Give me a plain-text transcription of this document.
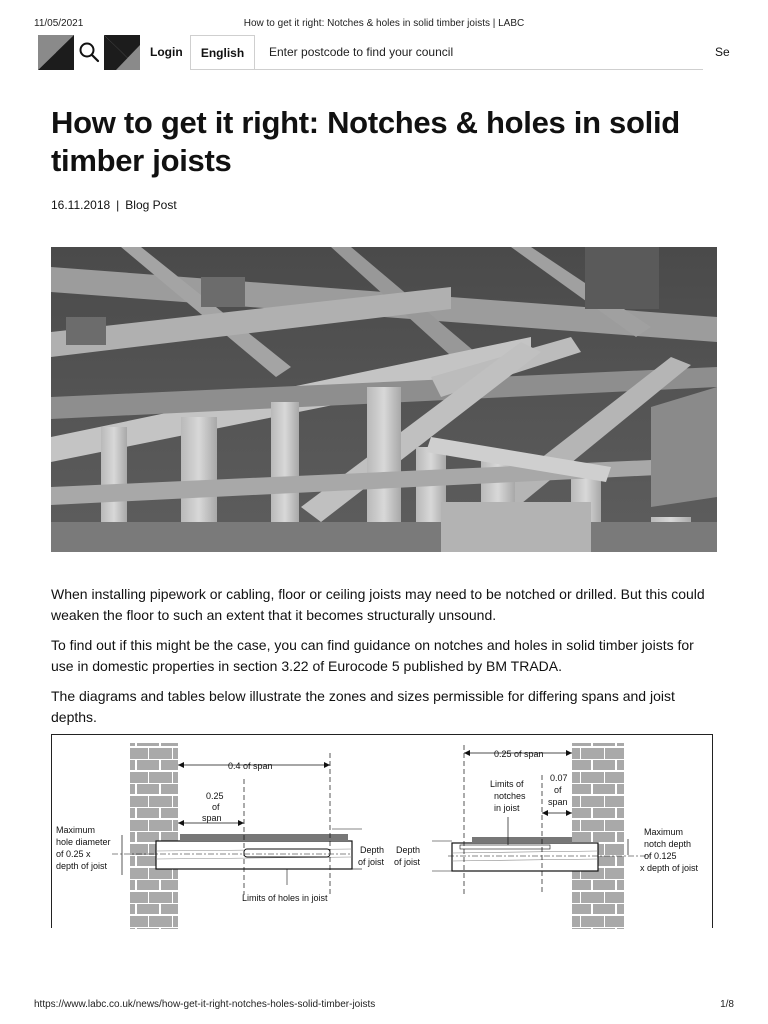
11/05/2021	How to get it right: Notches & holes in solid timber joists | LABC
Login English
Enter postcode to find your council	Se
How to get it right: Notches & holes in solid timber joists
16.11.2018 | Blog Post

When installing pipework or cabling, floor or ceiling joists may need to be notched or drilled. But this could weaken the floor to such an extent that it becomes structurally unsound.

To find out if this might be the case, you can find guidance on notches and holes in solid timber joists for use in domestic properties in section 3.22 of Eurocode 5 published by BM TRADA.

The diagrams and tables below illustrate the zones and sizes permissible for differing spans and joist depths.

0.4 of span
0.25
of
span
Maximum
hole diameter
of 0.25 x
depth of joist
Limits of holes in joist
Depth
of joist
0.25 of span
Limits of
notches
in joist
0.07
of
span
Depth
of joist
Maximum
notch depth
of 0.125
x depth of joist
https://www.labc.co.uk/news/how-get-it-right-notches-holes-solid-timber-joists	1/8
